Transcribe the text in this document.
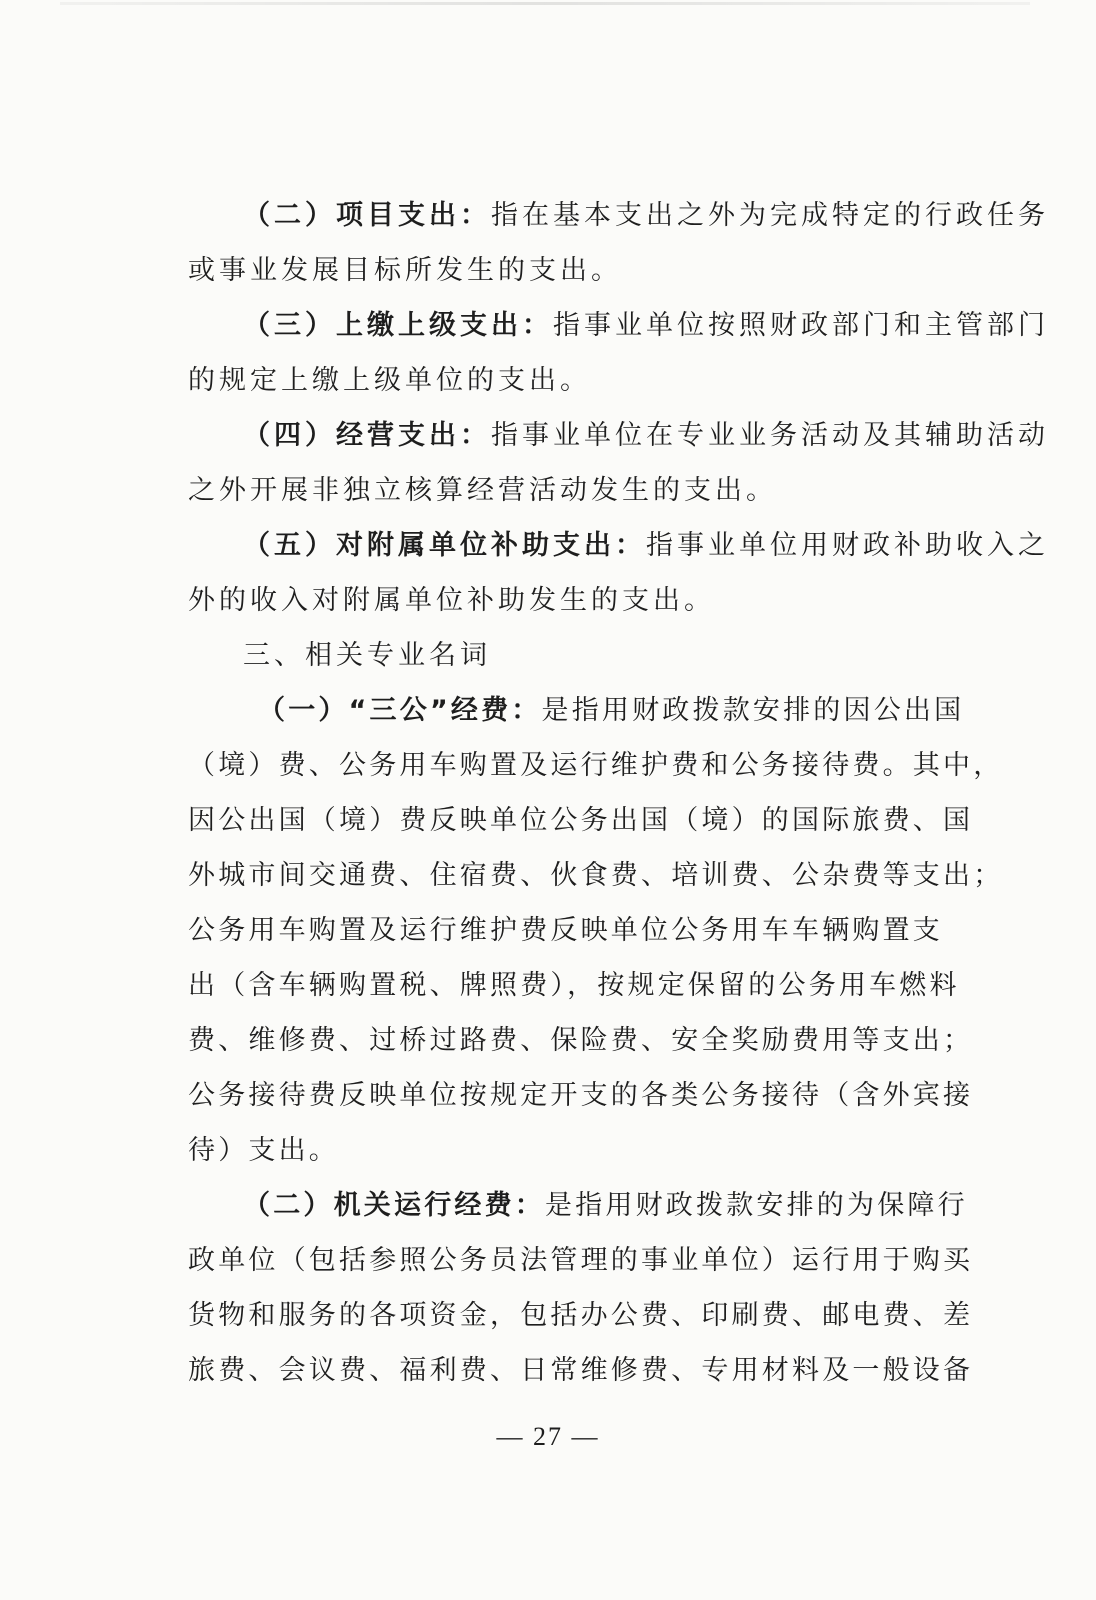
（二）项目支出：指在基本支出之外为完成特定的行政任务
或事业发展目标所发生的支出。
（三）上缴上级支出：指事业单位按照财政部门和主管部门
的规定上缴上级单位的支出。
（四）经营支出：指事业单位在专业业务活动及其辅助活动
之外开展非独立核算经营活动发生的支出。
（五）对附属单位补助支出：指事业单位用财政补助收入之
外的收入对附属单位补助发生的支出。
三、相关专业名词
（一）“三公”经费：是指用财政拨款安排的因公出国
（境）费、公务用车购置及运行维护费和公务接待费。其中，
因公出国（境）费反映单位公务出国（境）的国际旅费、国
外城市间交通费、住宿费、伙食费、培训费、公杂费等支出；
公务用车购置及运行维护费反映单位公务用车车辆购置支
出（含车辆购置税、牌照费），按规定保留的公务用车燃料
费、维修费、过桥过路费、保险费、安全奖励费用等支出；
公务接待费反映单位按规定开支的各类公务接待（含外宾接
待）支出。
（二）机关运行经费：是指用财政拨款安排的为保障行
政单位（包括参照公务员法管理的事业单位）运行用于购买
货物和服务的各项资金，包括办公费、印刷费、邮电费、差
旅费、会议费、福利费、日常维修费、专用材料及一般设备
— 27 —
